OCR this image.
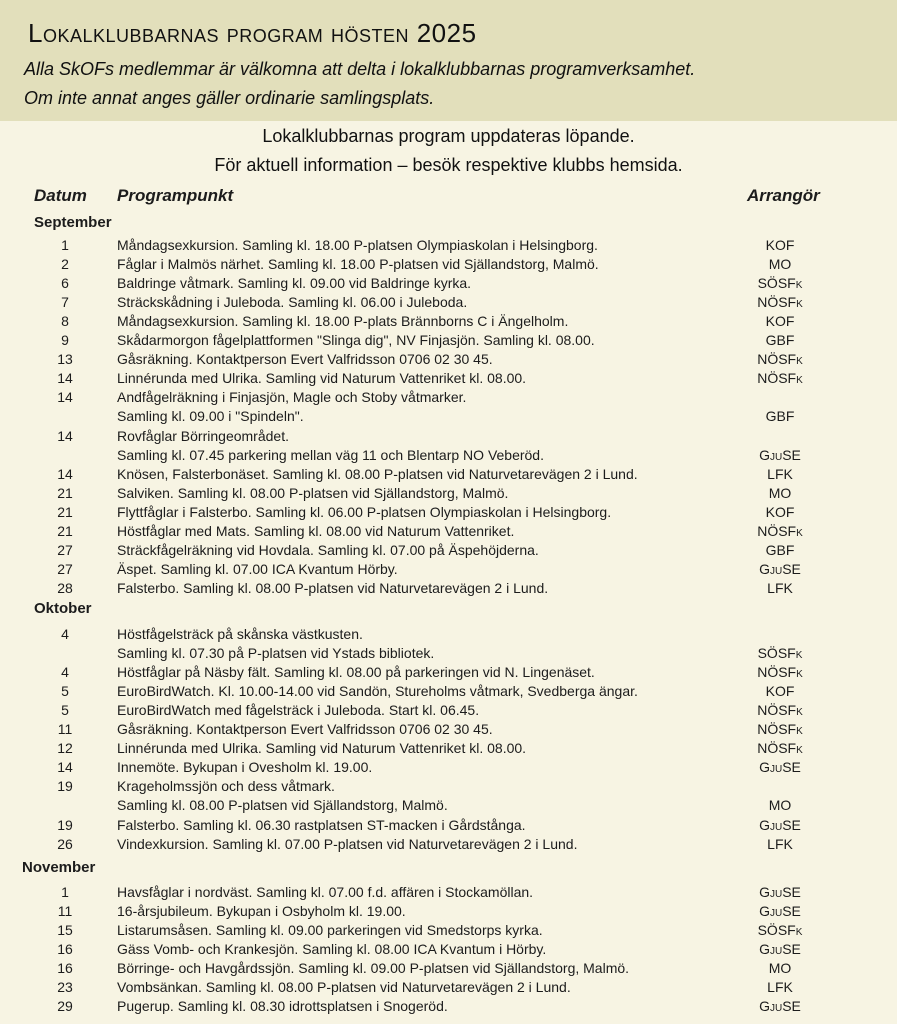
Lokalklubbarnas program hösten 2025
Alla SkOFs medlemmar är välkomna att delta i lokalklubbarnas programverksamhet.
Om inte annat anges gäller ordinarie samlingsplats.
Lokalklubbarnas program uppdateras löpande.
För aktuell information – besök respektive klubbs hemsida.
Datum Programpunkt	Arrangör
September
1	Måndagsexkursion. Samling kl. 18.00 P-platsen Olympiaskolan i Helsingborg.	KOF
2	Fåglar i Malmös närhet. Samling kl. 18.00 P-platsen vid Själlandstorg, Malmö.	MO
6	Baldringe våtmark. Samling kl. 09.00 vid Baldringe kyrka.	SÖSFk
7	Sträckskådning i Juleboda. Samling kl. 06.00 i Juleboda.	NÖSFk
8	Måndagsexkursion. Samling kl. 18.00 P-plats Brännborns C i Ängelholm.	KOF
9	Skådarmorgon fågelplattformen "Slinga dig", NV Finjasjön. Samling kl. 08.00.	GBF
13	Gåsräkning. Kontaktperson Evert Valfridsson 0706 02 30 45.	NÖSFk
14	Linnérunda med Ulrika. Samling vid Naturum Vattenriket kl. 08.00.	NÖSFk
14	Andfågelräkning i Finjasjön, Magle och Stoby våtmarker.
Samling kl. 09.00 i "Spindeln".	GBF
14	Rovfåglar Börringeområdet.
Samling kl. 07.45 parkering mellan väg 11 och Blentarp NO Veberöd.	GjuSE
14	Knösen, Falsterbonäset. Samling kl. 08.00 P-platsen vid Naturvetarevägen 2 i Lund.	LFK
21	Salviken. Samling kl. 08.00 P-platsen vid Själlandstorg, Malmö.	MO
21	Flyttfåglar i Falsterbo. Samling kl. 06.00 P-platsen Olympiaskolan i Helsingborg.	KOF
21	Höstfåglar med Mats. Samling kl. 08.00 vid Naturum Vattenriket.	NÖSFk
27	Sträckfågelräkning vid Hovdala. Samling kl. 07.00 på Äspehöjderna.	GBF
27	Äspet. Samling kl. 07.00 ICA Kvantum Hörby.	GjuSE
28	Falsterbo. Samling kl. 08.00 P-platsen vid Naturvetarevägen 2 i Lund.	LFK
Oktober
4	Höstfågelsträck på skånska västkusten.
Samling kl. 07.30 på P-platsen vid Ystads bibliotek.	SÖSFk
4	Höstfåglar på Näsby fält. Samling kl. 08.00 på parkeringen vid N. Lingenäset.	NÖSFk
5	EuroBirdWatch. Kl. 10.00-14.00 vid Sandön, Stureholms våtmark, Svedberga ängar.	KOF
5	EuroBirdWatch med fågelsträck i Juleboda. Start kl. 06.45.	NÖSFk
11	Gåsräkning. Kontaktperson Evert Valfridsson 0706 02 30 45.	NÖSFk
12	Linnérunda med Ulrika. Samling vid Naturum Vattenriket kl. 08.00.	NÖSFk
14	Innemöte. Bykupan i Ovesholm kl. 19.00.	GjuSE
19	Krageholmssjön och dess våtmark.
Samling kl. 08.00 P-platsen vid Själlandstorg, Malmö.	MO
19	Falsterbo. Samling kl. 06.30 rastplatsen ST-macken i Gårdstånga.	GjuSE
26	Vindexkursion. Samling kl. 07.00 P-platsen vid Naturvetarevägen 2 i Lund.	LFK
November
1	Havsfåglar i nordväst. Samling kl. 07.00 f.d. affären i Stockamöllan.	GjuSE
11	16-årsjubileum. Bykupan i Osbyholm kl. 19.00.	GjuSE
15	Listarumsåsen. Samling kl. 09.00 parkeringen vid Smedstorps kyrka.	SÖSFk
16	Gäss Vomb- och Krankesjön. Samling kl. 08.00 ICA Kvantum i Hörby.	GjuSE
16	Börringe- och Havgårdssjön. Samling kl. 09.00 P-platsen vid Själlandstorg, Malmö.	MO
23	Vombsänkan. Samling kl. 08.00 P-platsen vid Naturvetarevägen 2 i Lund.	LFK
29	Pugerup. Samling kl. 08.30 idrottsplatsen i Snogeröd.	GjuSE
